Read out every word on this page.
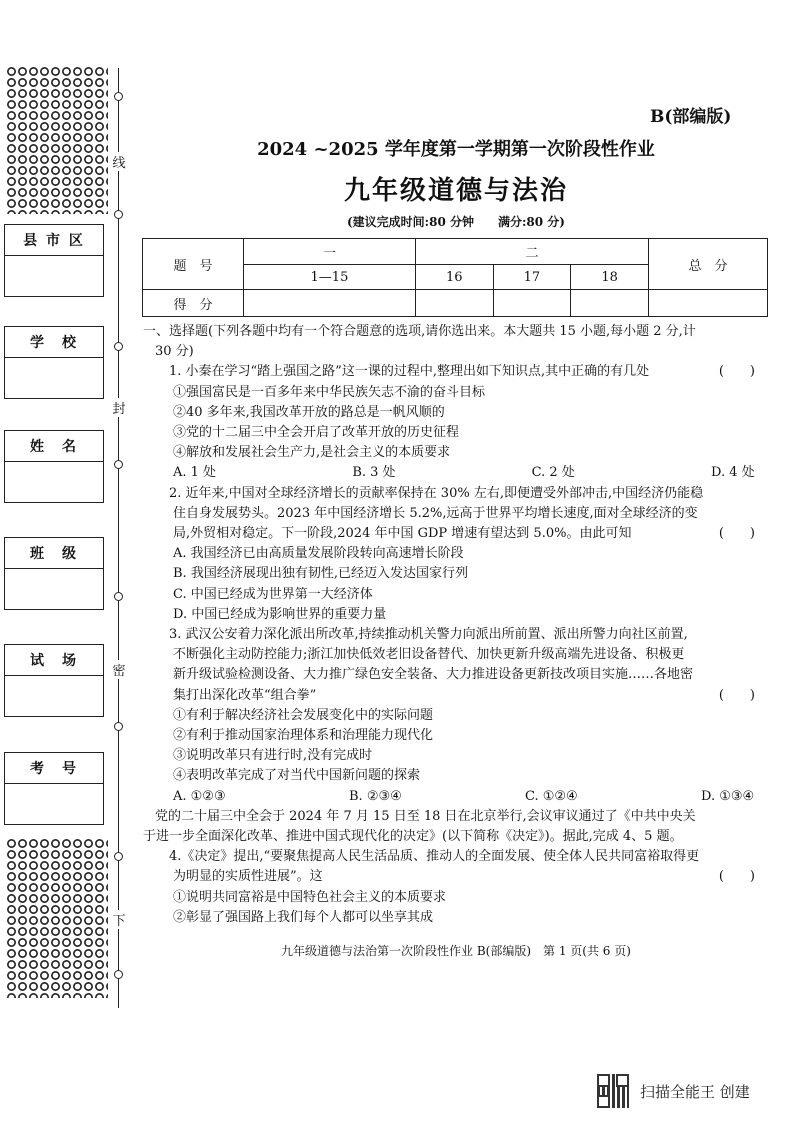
县 市 区
学　校
姓　名
班　级
试　场
考　号
线
封
密
下
B(部编版)
2024 ~2025 学年度第一学期第一次阶段性作业
九年级道德与法治
(建议完成时间:80 分钟　　满分:80 分)
题　号	一	二			总　分
	1—15	16	17	18	
得　分					

一、选择题(下列各题中均有一个符合题意的选项,请你选出来。本大题共 15 小题,每小题 2 分,计

30 分)

1. 小秦在学习“踏上强国之路”这一课的过程中,整理出如下知识点,其中正确的有几处	(　　)

①强国富民是一百多年来中华民族矢志不渝的奋斗目标

②40 多年来,我国改革开放的路总是一帆风顺的

③党的十二届三中全会开启了改革开放的历史征程

④解放和发展社会生产力,是社会主义的本质要求

A. 1 处	B. 3 处	C. 2 处	D. 4 处

2. 近年来,中国对全球经济增长的贡献率保持在 30% 左右,即便遭受外部冲击,中国经济仍能稳

住自身发展势头。2023 年中国经济增长 5.2%,远高于世界平均增长速度,面对全球经济的变

局,外贸相对稳定。下一阶段,2024 年中国 GDP 增速有望达到 5.0%。由此可知	(　　)

A. 我国经济已由高质量发展阶段转向高速增长阶段

B. 我国经济展现出独有韧性,已经迈入发达国家行列

C. 中国已经成为世界第一大经济体

D. 中国已经成为影响世界的重要力量

3. 武汉公安着力深化派出所改革,持续推动机关警力向派出所前置、派出所警力向社区前置,

不断强化主动防控能力;浙江加快低效老旧设备替代、加快更新升级高端先进设备、积极更

新升级试验检测设备、大力推广绿色安全装备、大力推进设备更新技改项目实施……各地密

集打出深化改革“组合拳”	(　　)

①有利于解决经济社会发展变化中的实际问题

②有利于推动国家治理体系和治理能力现代化

③说明改革只有进行时,没有完成时

④表明改革完成了对当代中国新问题的探索

A. ①②③	B. ②③④	C. ①②④	D. ①③④

党的二十届三中全会于 2024 年 7 月 15 日至 18 日在北京举行,会议审议通过了《中共中央关

于进一步全面深化改革、推进中国式现代化的决定》(以下简称《决定》)。据此,完成 4、5 题。

4.《决定》提出,“要聚焦提高人民生活品质、推动人的全面发展、使全体人民共同富裕取得更

为明显的实质性进展”。这	(　　)

①说明共同富裕是中国特色社会主义的本质要求

②彰显了强国路上我们每个人都可以坐享其成

九年级道德与法治第一次阶段性作业 B(部编版)　第 1 页(共 6 页)
扫描全能王 创建
